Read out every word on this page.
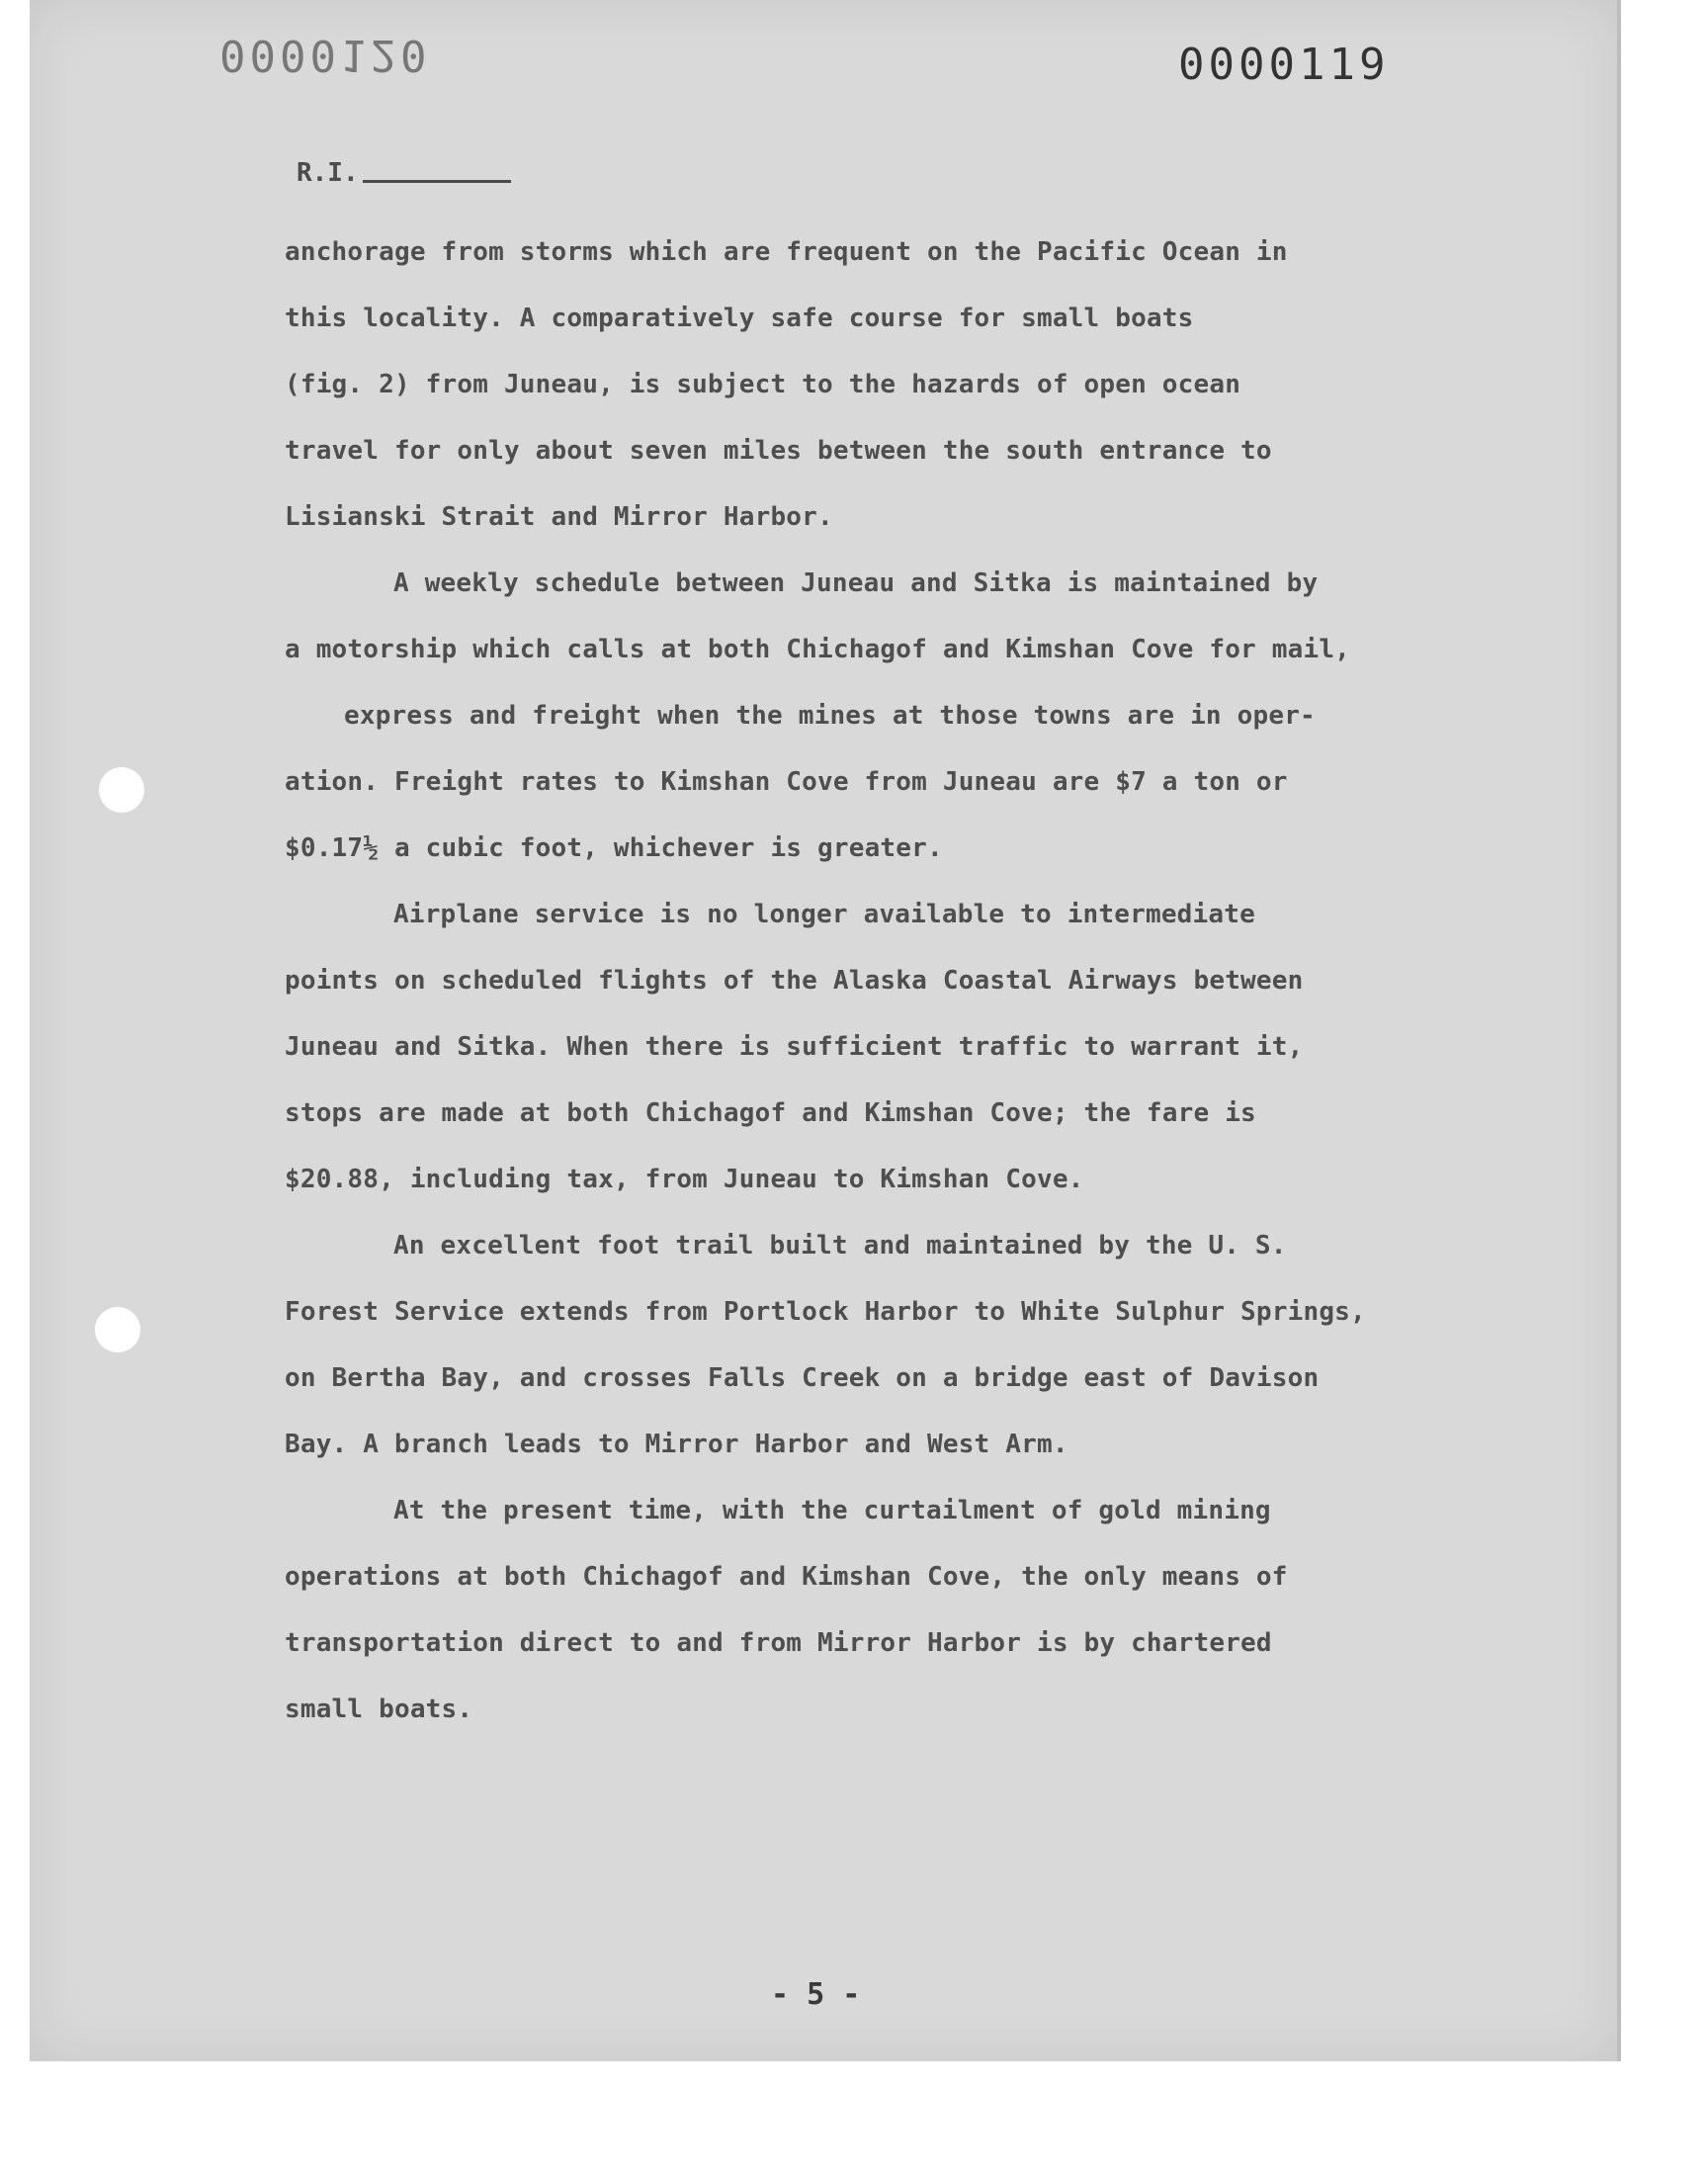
0000120	0000119
R.I.

anchorage from storms which are frequent on the Pacific Ocean in
this locality. A comparatively safe course for small boats
(fig. 2) from Juneau, is subject to the hazards of open ocean
travel for only about seven miles between the south entrance to
Lisianski Strait and Mirror Harbor.

A weekly schedule between Juneau and Sitka is maintained by
a motorship which calls at both Chichagof and Kimshan Cove for mail,
express and freight when the mines at those towns are in oper-
ation. Freight rates to Kimshan Cove from Juneau are $7 a ton or
$0.17½ a cubic foot, whichever is greater.

Airplane service is no longer available to intermediate
points on scheduled flights of the Alaska Coastal Airways between
Juneau and Sitka. When there is sufficient traffic to warrant it,
stops are made at both Chichagof and Kimshan Cove; the fare is
$20.88, including tax, from Juneau to Kimshan Cove.

An excellent foot trail built and maintained by the U. S.
Forest Service extends from Portlock Harbor to White Sulphur Springs,
on Bertha Bay, and crosses Falls Creek on a bridge east of Davison
Bay. A branch leads to Mirror Harbor and West Arm.

At the present time, with the curtailment of gold mining
operations at both Chichagof and Kimshan Cove, the only means of
transportation direct to and from Mirror Harbor is by chartered
small boats.

- 5 -
